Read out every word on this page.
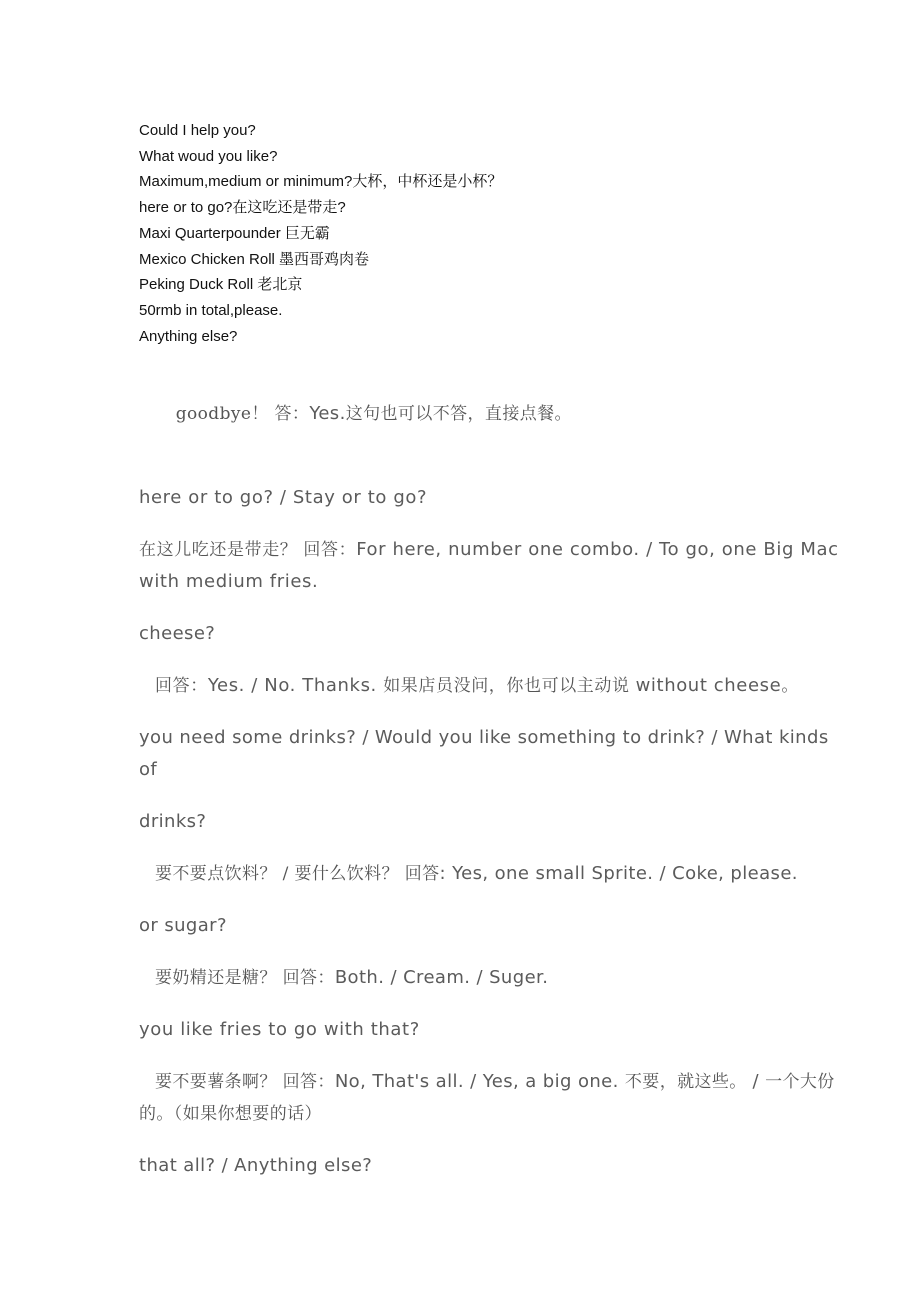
Could I help you?
What woud you like?
Maximum,medium or minimum?大杯，中杯还是小杯？
here or to go?在这吃还是带走?
Maxi Quarterpounder 巨无霸
Mexico Chicken Roll 墨西哥鸡肉卷
Peking Duck Roll 老北京
50rmb in total,please.
Anything else?

goodbye！ 答：Yes.这句也可以不答，直接点餐。

here or to go? / Stay or to go?

在这儿吃还是带走？ 回答：For here, number one combo. / To go, one Big Mac with medium fries.

cheese?

回答：Yes. / No. Thanks. 如果店员没问，你也可以主动说 without cheese。

you need some drinks? / Would you like something to drink? / What kinds of

drinks?

要不要点饮料？ / 要什么饮料？ 回答: Yes, one small Sprite. / Coke, please.

or sugar?

要奶精还是糖？ 回答：Both. / Cream. / Suger.

you like fries to go with that?

要不要薯条啊？ 回答：No, That's all. / Yes, a big one. 不要，就这些。 / 一个大份的。（如果你想要的话）

that all? / Anything else?
